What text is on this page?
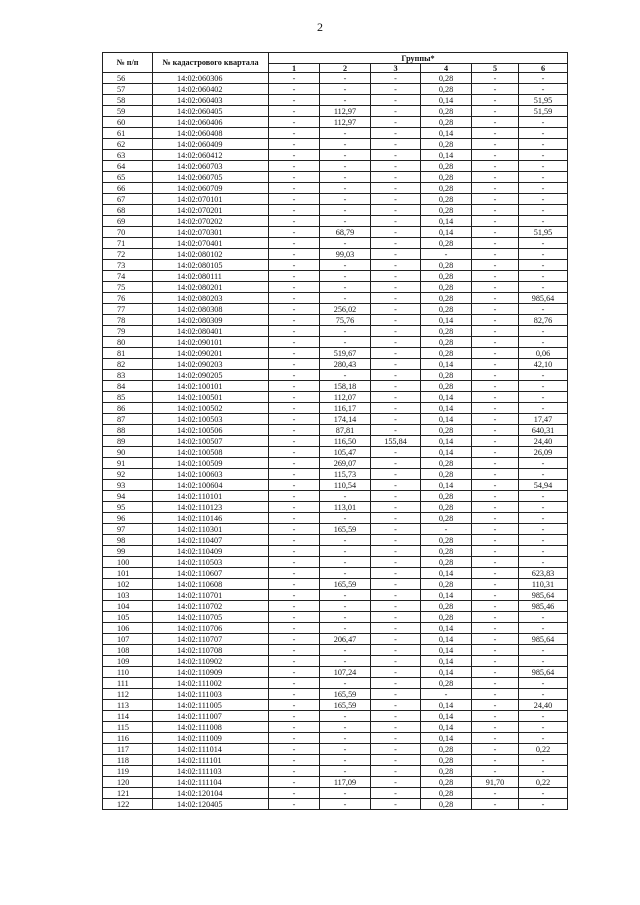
2
№ п/п	№ кадастрового квартала	Группы*					
		1	2	3	4	5	6
56	14:02:060306	-	-	-	0,28	-	-
57	14:02:060402	-	-	-	0,28	-	-
58	14:02:060403	-	-	-	0,14	-	51,95
59	14:02:060405	-	112,97	-	0,28	-	51,59
60	14:02:060406	-	112,97	-	0,28	-	-
61	14:02:060408	-	-	-	0,14	-	-
62	14:02:060409	-	-	-	0,28	-	-
63	14:02:060412	-	-	-	0,14	-	-
64	14:02:060703	-	-	-	0,28	-	-
65	14:02:060705	-	-	-	0,28	-	-
66	14:02:060709	-	-	-	0,28	-	-
67	14:02:070101	-	-	-	0,28	-	-
68	14:02:070201	-	-	-	0,28	-	-
69	14:02:070202	-	-	-	0,14	-	-
70	14:02:070301	-	68,79	-	0,14	-	51,95
71	14:02:070401	-	-	-	0,28	-	-
72	14:02:080102	-	99,03	-	-	-	-
73	14:02:080105	-	-	-	0,28	-	-
74	14:02:080111	-	-	-	0,28	-	-
75	14:02:080201	-	-	-	0,28	-	-
76	14:02:080203	-	-	-	0,28	-	985,64
77	14:02:080308	-	256,02	-	0,28	-	-
78	14:02:080309	-	75,76	-	0,14	-	82,76
79	14:02:080401	-	-	-	0,28	-	-
80	14:02:090101	-	-	-	0,28	-	-
81	14:02:090201	-	519,67	-	0,28	-	0,06
82	14:02:090203	-	280,43	-	0,14	-	42,10
83	14:02:090205	-	-	-	0,28	-	-
84	14:02:100101	-	158,18	-	0,28	-	-
85	14:02:100501	-	112,07	-	0,14	-	-
86	14:02:100502	-	116,17	-	0,14	-	-
87	14:02:100503	-	174,14	-	0,14	-	17,47
88	14:02:100506	-	87,81	-	0,28	-	640,31
89	14:02:100507	-	116,50	155,84	0,14	-	24,40
90	14:02:100508	-	105,47	-	0,14	-	26,09
91	14:02:100509	-	269,07	-	0,28	-	-
92	14:02:100603	-	115,73	-	0,28	-	-
93	14:02:100604	-	110,54	-	0,14	-	54,94
94	14:02:110101	-	-	-	0,28	-	-
95	14:02:110123	-	113,01	-	0,28	-	-
96	14:02:110146	-	-	-	0,28	-	-
97	14:02:110301	-	165,59	-	-	-	-
98	14:02:110407	-	-	-	0,28	-	-
99	14:02:110409	-	-	-	0,28	-	-
100	14:02:110503	-	-	-	0,28	-	-
101	14:02:110607	-	-	-	0,14	-	623,83
102	14:02:110608	-	165,59	-	0,28	-	110,31
103	14:02:110701	-	-	-	0,14	-	985,64
104	14:02:110702	-	-	-	0,28	-	985,46
105	14:02:110705	-	-	-	0,28	-	-
106	14:02:110706	-	-	-	0,14	-	-
107	14:02:110707	-	206,47	-	0,14	-	985,64
108	14:02:110708	-	-	-	0,14	-	-
109	14:02:110902	-	-	-	0,14	-	-
110	14:02:110909	-	107,24	-	0,14	-	985,64
111	14:02:111002	-	-	-	0,28	-	-
112	14:02:111003	-	165,59	-	-	-	-
113	14:02:111005	-	165,59	-	0,14	-	24,40
114	14:02:111007	-	-	-	0,14	-	-
115	14:02:111008	-	-	-	0,14	-	-
116	14:02:111009	-	-	-	0,14	-	-
117	14:02:111014	-	-	-	0,28	-	0,22
118	14:02:111101	-	-	-	0,28	-	-
119	14:02:111103	-	-	-	0,28	-	-
120	14:02:111104	-	117,09	-	0,28	91,70	0,22
121	14:02:120104	-	-	-	0,28	-	-
122	14:02:120405	-	-	-	0,28	-	-
